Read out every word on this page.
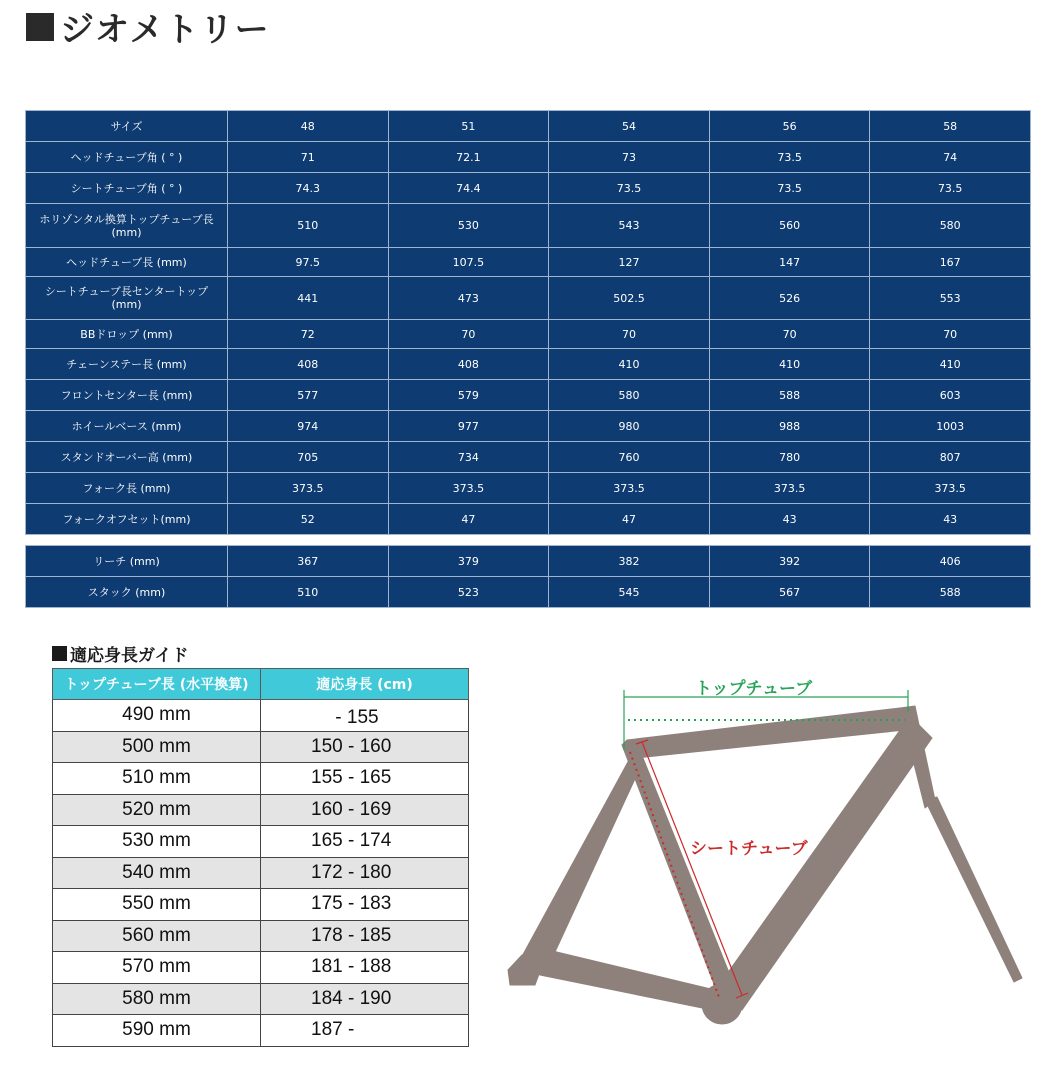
ジオメトリー
サイズ	48	51	54	56	58
ヘッドチューブ角 ( ° )	71	72.1	73	73.5	74
シートチューブ角 ( ° )	74.3	74.4	73.5	73.5	73.5
ホリゾンタル換算トップチューブ長 (mm)	510	530	543	560	580
ヘッドチューブ長 (mm)	97.5	107.5	127	147	167
シートチューブ長センタートップ (mm)	441	473	502.5	526	553
BBドロップ (mm)	72	70	70	70	70
チェーンステー長 (mm)	408	408	410	410	410
フロントセンター長 (mm)	577	579	580	588	603
ホイールベース (mm)	974	977	980	988	1003
スタンドオーバー高 (mm)	705	734	760	780	807
フォーク長 (mm)	373.5	373.5	373.5	373.5	373.5
フォークオフセット(mm)	52	47	47	43	43
リーチ (mm)	367	379	382	392	406
スタック (mm)	510	523	545	567	588
適応身長ガイド
トップチューブ長 (水平換算)	適応身長 (cm)
490 mm	　 - 155
500 mm	150 - 160
510 mm	155 - 165
520 mm	160 - 169
530 mm	165 - 174
540 mm	172 - 180
550 mm	175 - 183
560 mm	178 - 185
570 mm	181 - 188
580 mm	184 - 190
590 mm	187 -
トップチューブ
シートチューブ
